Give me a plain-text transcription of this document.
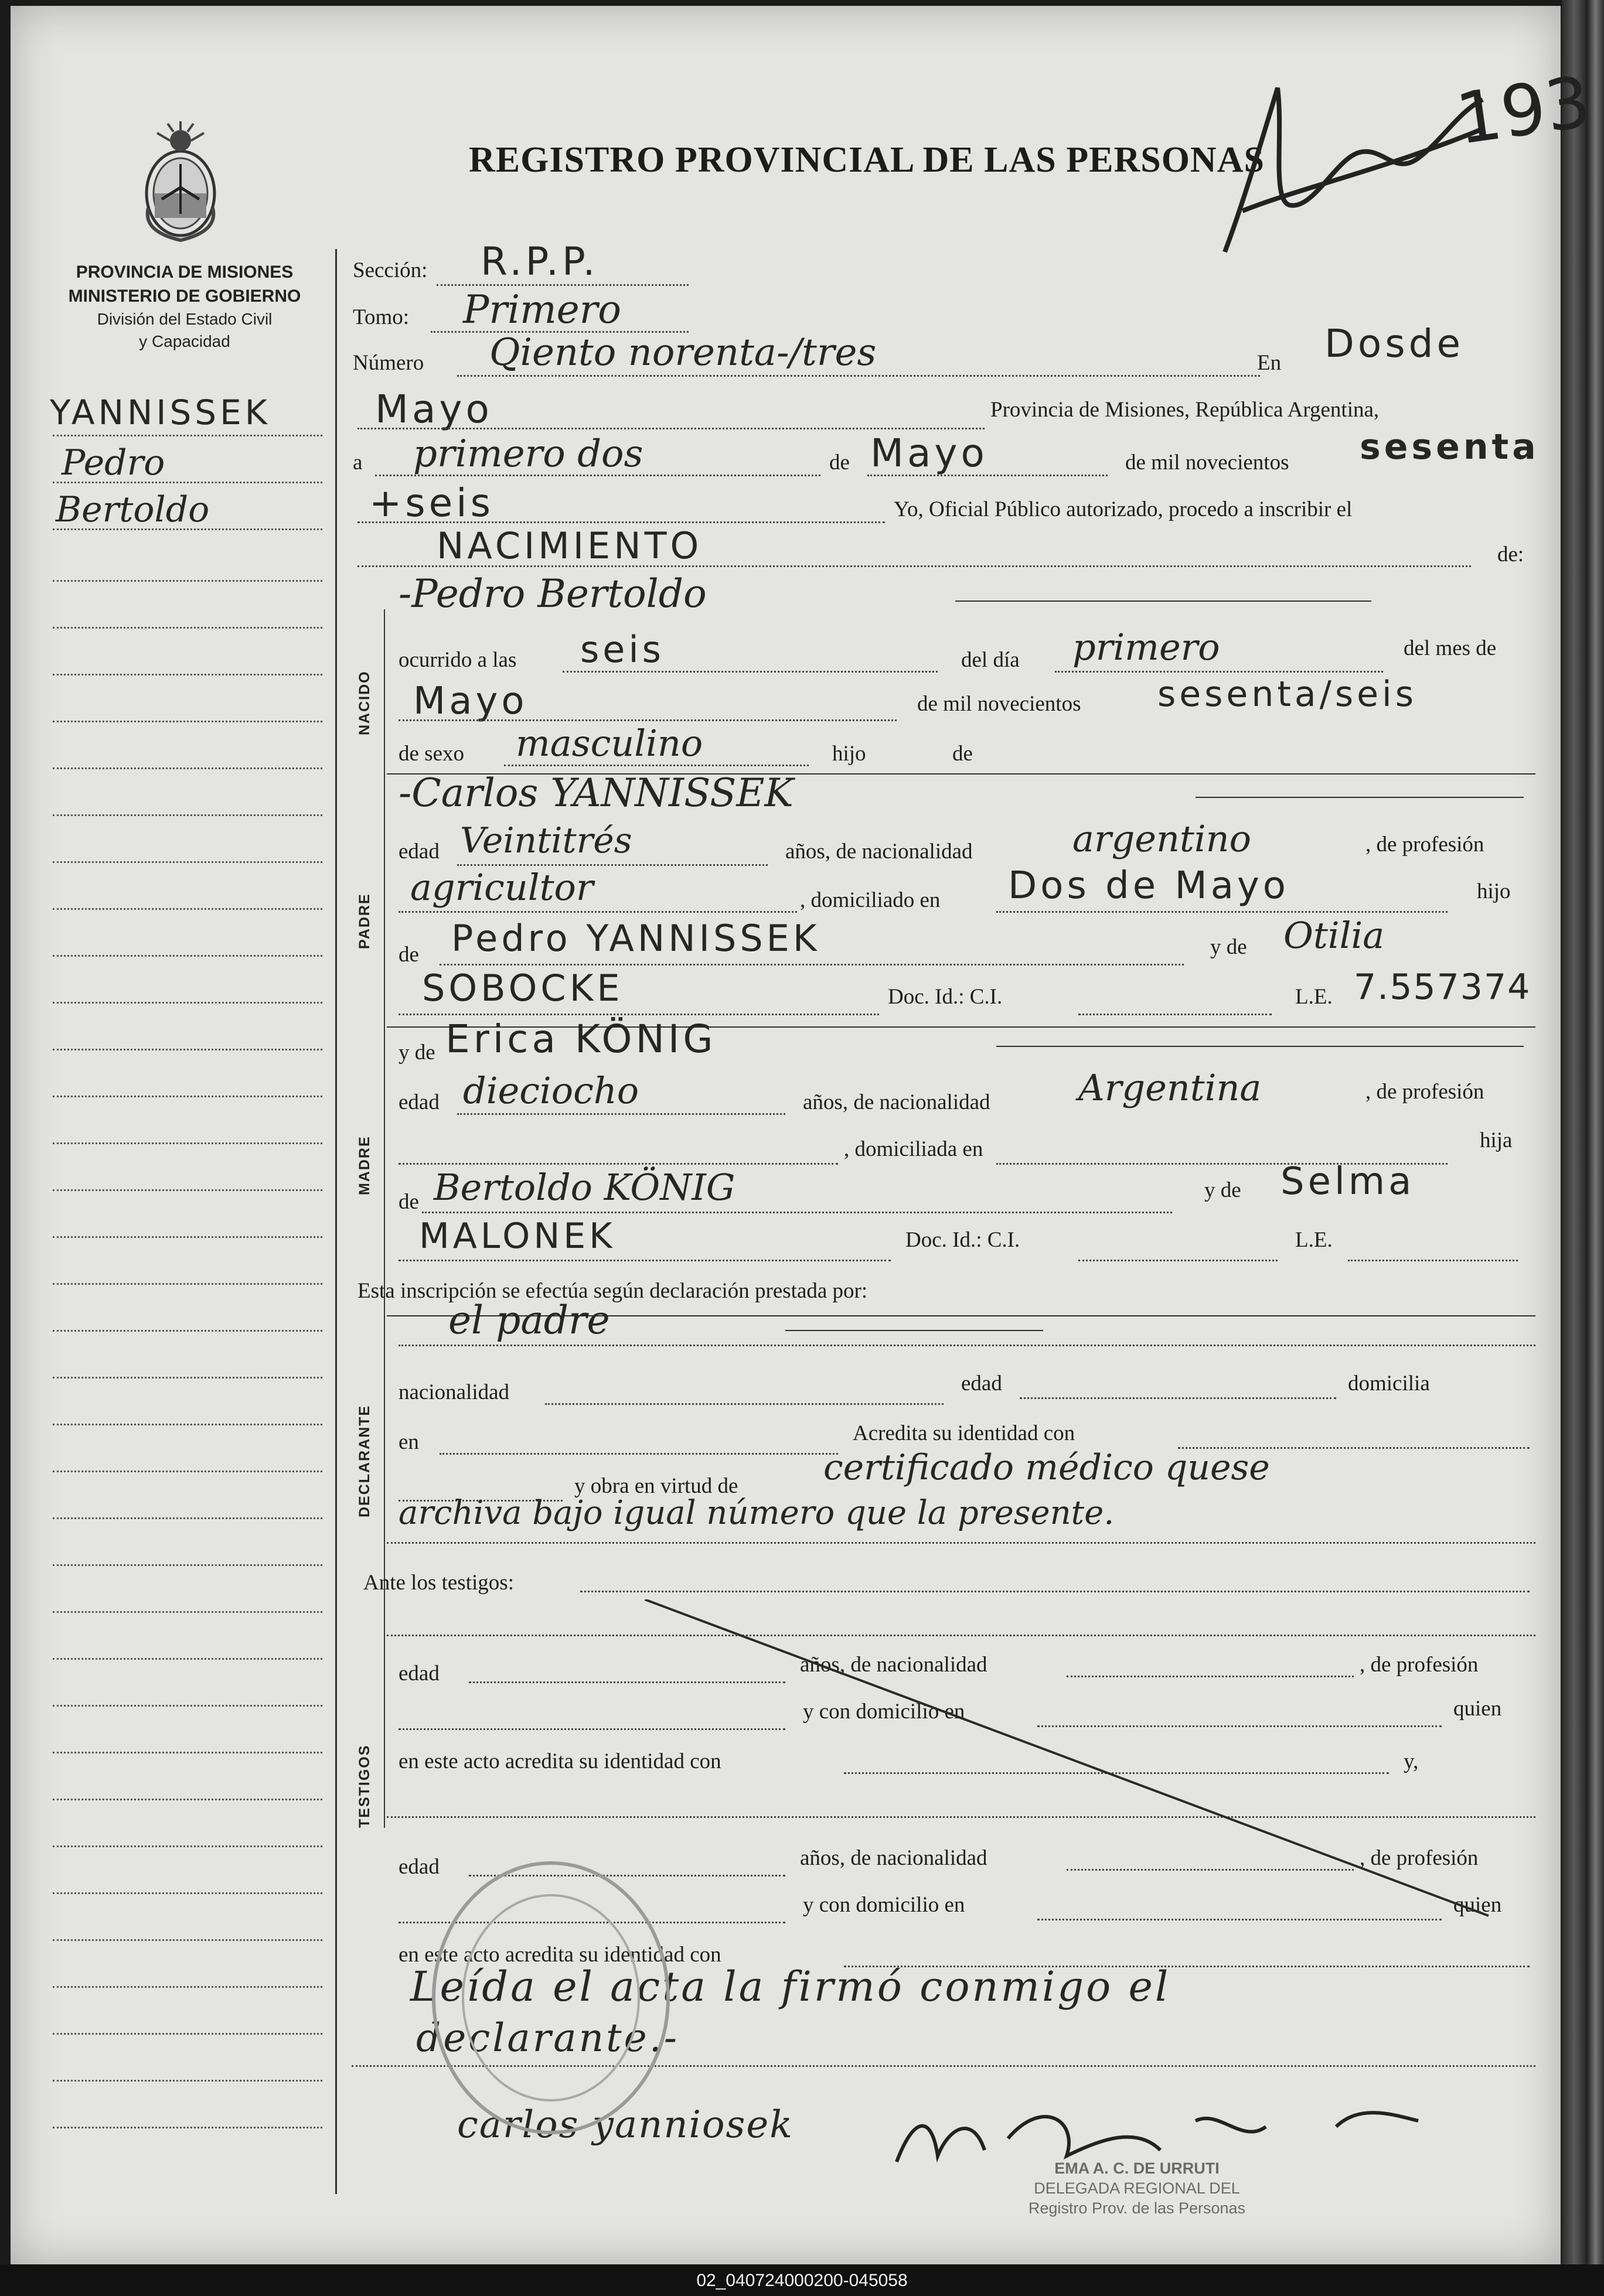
02_040724000200-045058
REGISTRO PROVINCIAL DE LAS PERSONAS	193
PROVINCIA DE MISIONES
MINISTERIO DE GOBIERNO
División del Estado Civil
y Capacidad
YANNISSEK
Pedro
Bertoldo
Sección: R.P.P.
Tomo: Primero
Número Qiento norenta-/tres	En Dosde
Mayo	Provincia de Misiones, República Argentina,
a primero dos	de Mayo	de mil novecientos sesenta
+seis	Yo, Oficial Público autorizado, procedo a inscribir el
NACIMIENTO	de:
NACIDO
-Pedro Bertoldo
ocurrido a las seis	del día primero	del mes de
Mayo	de mil novecientos sesenta/seis
de sexo masculino	hijo	de
PADRE
-Carlos YANNISSEK
edad Veintitrés	años, de nacionalidad	argentino	, de profesión
agricultor	, domiciliado en Dos de Mayo	hijo
de Pedro YANNISSEK	y de Otilia
SOBOCKE	Doc. Id.: C.I.	L.E. 7.557374
MADRE
y de Erica KÖNIG
edad dieciocho	años, de nacionalidad Argentina	, de profesión
, domiciliada en	hija
de Bertoldo KÖNIG	y de Selma
MALONEK	Doc. Id.: C.I.	L.E.
Esta inscripción se efectúa según declaración prestada por:
DECLARANTE
el padre
nacionalidad	edad	domicilia
en	Acredita su identidad con
y obra en virtud de certificado médico quese
archiva bajo igual número que la presente.
Ante los testigos:
TESTIGOS
edad	años, de nacionalidad	, de profesión
y con domicilio en	quien
en este acto acredita su identidad con	y,
edad	años, de nacionalidad	, de profesión
y con domicilio en	quien
en este acto acredita su identidad con
Leída el acta la firmó conmigo el
declarante.-
carlos yanniosek
EMA A. C. DE URRUTI
DELEGADA REGIONAL DEL
Registro Prov. de las Personas
